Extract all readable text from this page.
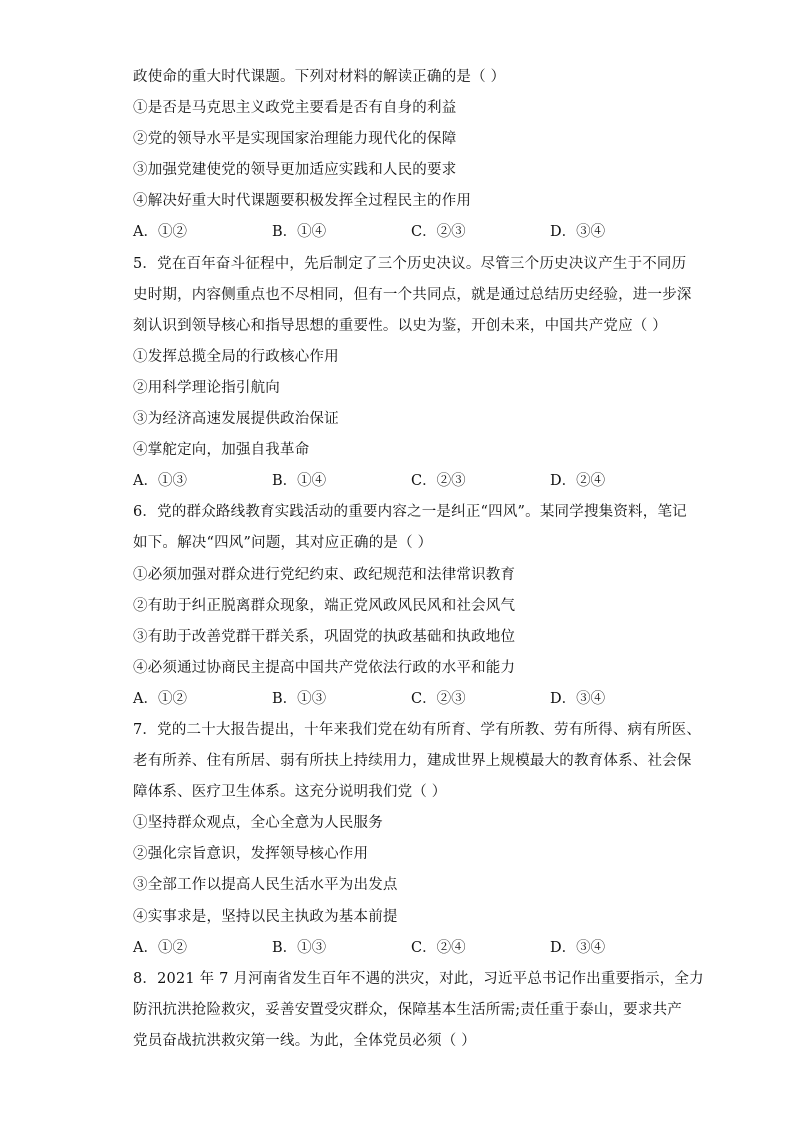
政使命的重大时代课题。下列对材料的解读正确的是（ ）
①是否是马克思主义政党主要看是否有自身的利益
②党的领导水平是实现国家治理能力现代化的保障
③加强党建使党的领导更加适应实践和人民的要求
④解决好重大时代课题要积极发挥全过程民主的作用
A．①②	B．①④	C．②③	D．③④
5．党在百年奋斗征程中，先后制定了三个历史决议。尽管三个历史决议产生于不同历
史时期，内容侧重点也不尽相同，但有一个共同点，就是通过总结历史经验，进一步深
刻认识到领导核心和指导思想的重要性。以史为鉴，开创未来，中国共产党应（ ）
①发挥总揽全局的行政核心作用
②用科学理论指引航向
③为经济高速发展提供政治保证
④掌舵定向，加强自我革命
A．①③	B．①④	C．②③	D．②④
6．党的群众路线教育实践活动的重要内容之一是纠正“四风”。某同学搜集资料，笔记
如下。解决“四风”问题，其对应正确的是（ ）
①必须加强对群众进行党纪约束、政纪规范和法律常识教育
②有助于纠正脱离群众现象，端正党风政风民风和社会风气
③有助于改善党群干群关系，巩固党的执政基础和执政地位
④必须通过协商民主提高中国共产党依法行政的水平和能力
A．①②	B．①③	C．②③	D．③④
7．党的二十大报告提出，十年来我们党在幼有所育、学有所教、劳有所得、病有所医、
老有所养、住有所居、弱有所扶上持续用力，建成世界上规模最大的教育体系、社会保
障体系、医疗卫生体系。这充分说明我们党（ ）
①坚持群众观点，全心全意为人民服务
②强化宗旨意识，发挥领导核心作用
③全部工作以提高人民生活水平为出发点
④实事求是，坚持以民主执政为基本前提
A．①②	B．①③	C．②④	D．③④
8．2021 年 7 月河南省发生百年不遇的洪灾，对此，习近平总书记作出重要指示，全力
防汛抗洪抢险救灾，妥善安置受灾群众，保障基本生活所需;责任重于泰山，要求共产
党员奋战抗洪救灾第一线。为此，全体党员必须（ ）
